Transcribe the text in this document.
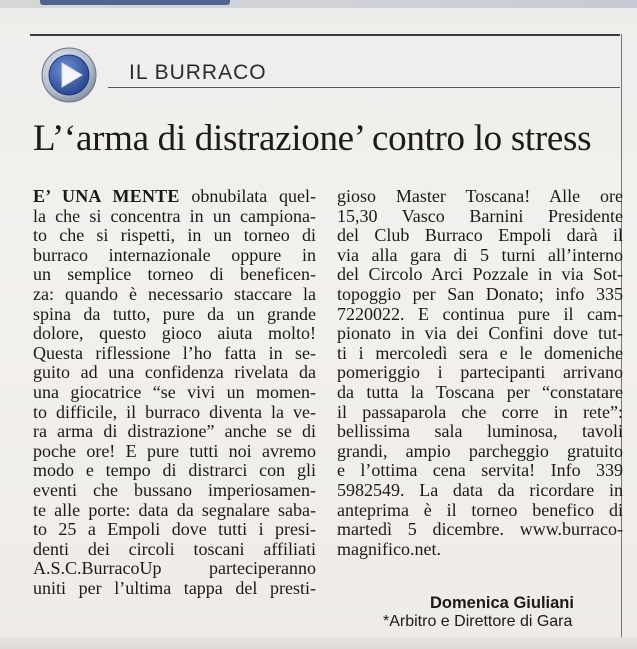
IL BURRACO
L’‘arma di distrazione’ contro lo stress
E’ UNA MENTE obnubilata quel-
la che si concentra in un campiona-
to che si rispetti, in un torneo di
burraco internazionale oppure in
un semplice torneo di beneficen-
za: quando è necessario staccare la
spina da tutto, pure da un grande
dolore, questo gioco aiuta molto!
Questa riflessione l’ho fatta in se-
guito ad una confidenza rivelata da
una giocatrice “se vivi un momen-
to difficile, il burraco diventa la ve-
ra arma di distrazione” anche se di
poche ore! E pure tutti noi avremo
modo e tempo di distrarci con gli
eventi che bussano imperiosamen-
te alle porte: data da segnalare saba-
to 25 a Empoli dove tutti i presi-
denti dei circoli toscani affiliati
A.S.C.BurracoUp parteciperanno
uniti per l’ultima tappa del presti-
gioso Master Toscana! Alle ore
15,30 Vasco Barnini Presidente
del Club Burraco Empoli darà il
via alla gara di 5 turni all’interno
del Circolo Arci Pozzale in via Sot-
topoggio per San Donato; info 335
7220022. E continua pure il cam-
pionato in via dei Confini dove tut-
ti i mercoledì sera e le domeniche
pomeriggio i partecipanti arrivano
da tutta la Toscana per “constatare
il passaparola che corre in rete”:
bellissima sala luminosa, tavoli
grandi, ampio parcheggio gratuito
e l’ottima cena servita! Info 339
5982549. La data da ricordare in
anteprima è il torneo benefico di
martedì 5 dicembre. www.burraco-
magnifico.net.
Domenica Giuliani
*Arbitro e Direttore di Gara
